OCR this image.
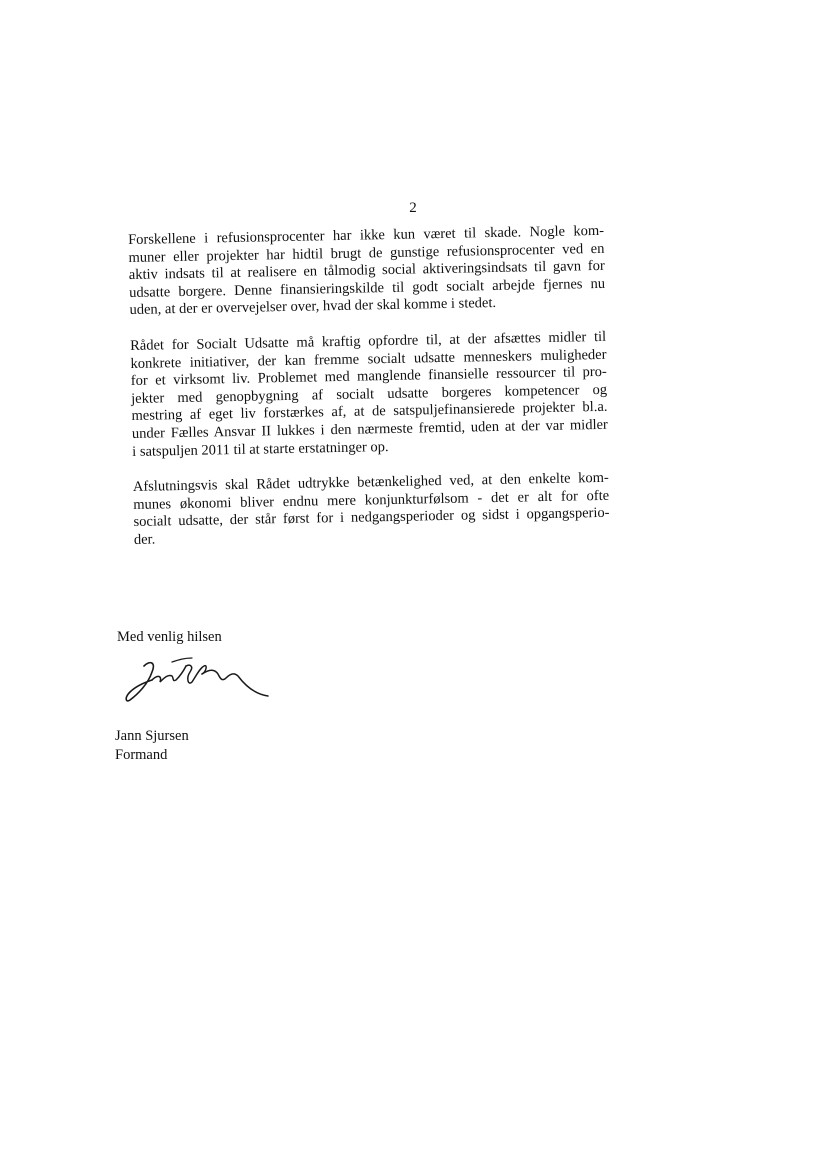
2

Forskellene i refusionsprocenter har ikke kun været til skade. Nogle kom-
muner eller projekter har hidtil brugt de gunstige refusionsprocenter ved en
aktiv indsats til at realisere en tålmodig social aktiveringsindsats til gavn for
udsatte borgere. Denne finansieringskilde til godt socialt arbejde fjernes nu
uden, at der er overvejelser over, hvad der skal komme i stedet.

Rådet for Socialt Udsatte må kraftig opfordre til, at der afsættes midler til
konkrete initiativer, der kan fremme socialt udsatte menneskers muligheder
for et virksomt liv. Problemet med manglende finansielle ressourcer til pro-
jekter med genopbygning af socialt udsatte borgeres kompetencer og
mestring af eget liv forstærkes af, at de satspuljefinansierede projekter bl.a.
under Fælles Ansvar II lukkes i den nærmeste fremtid, uden at der var midler
i satspuljen 2011 til at starte erstatninger op.

Afslutningsvis skal Rådet udtrykke betænkelighed ved, at den enkelte kom-
munes økonomi bliver endnu mere konjunkturfølsom - det er alt for ofte
socialt udsatte, der står først for i nedgangsperioder og sidst i opgangsperio-
der.

Med venlig hilsen
Jann Sjursen
Formand
